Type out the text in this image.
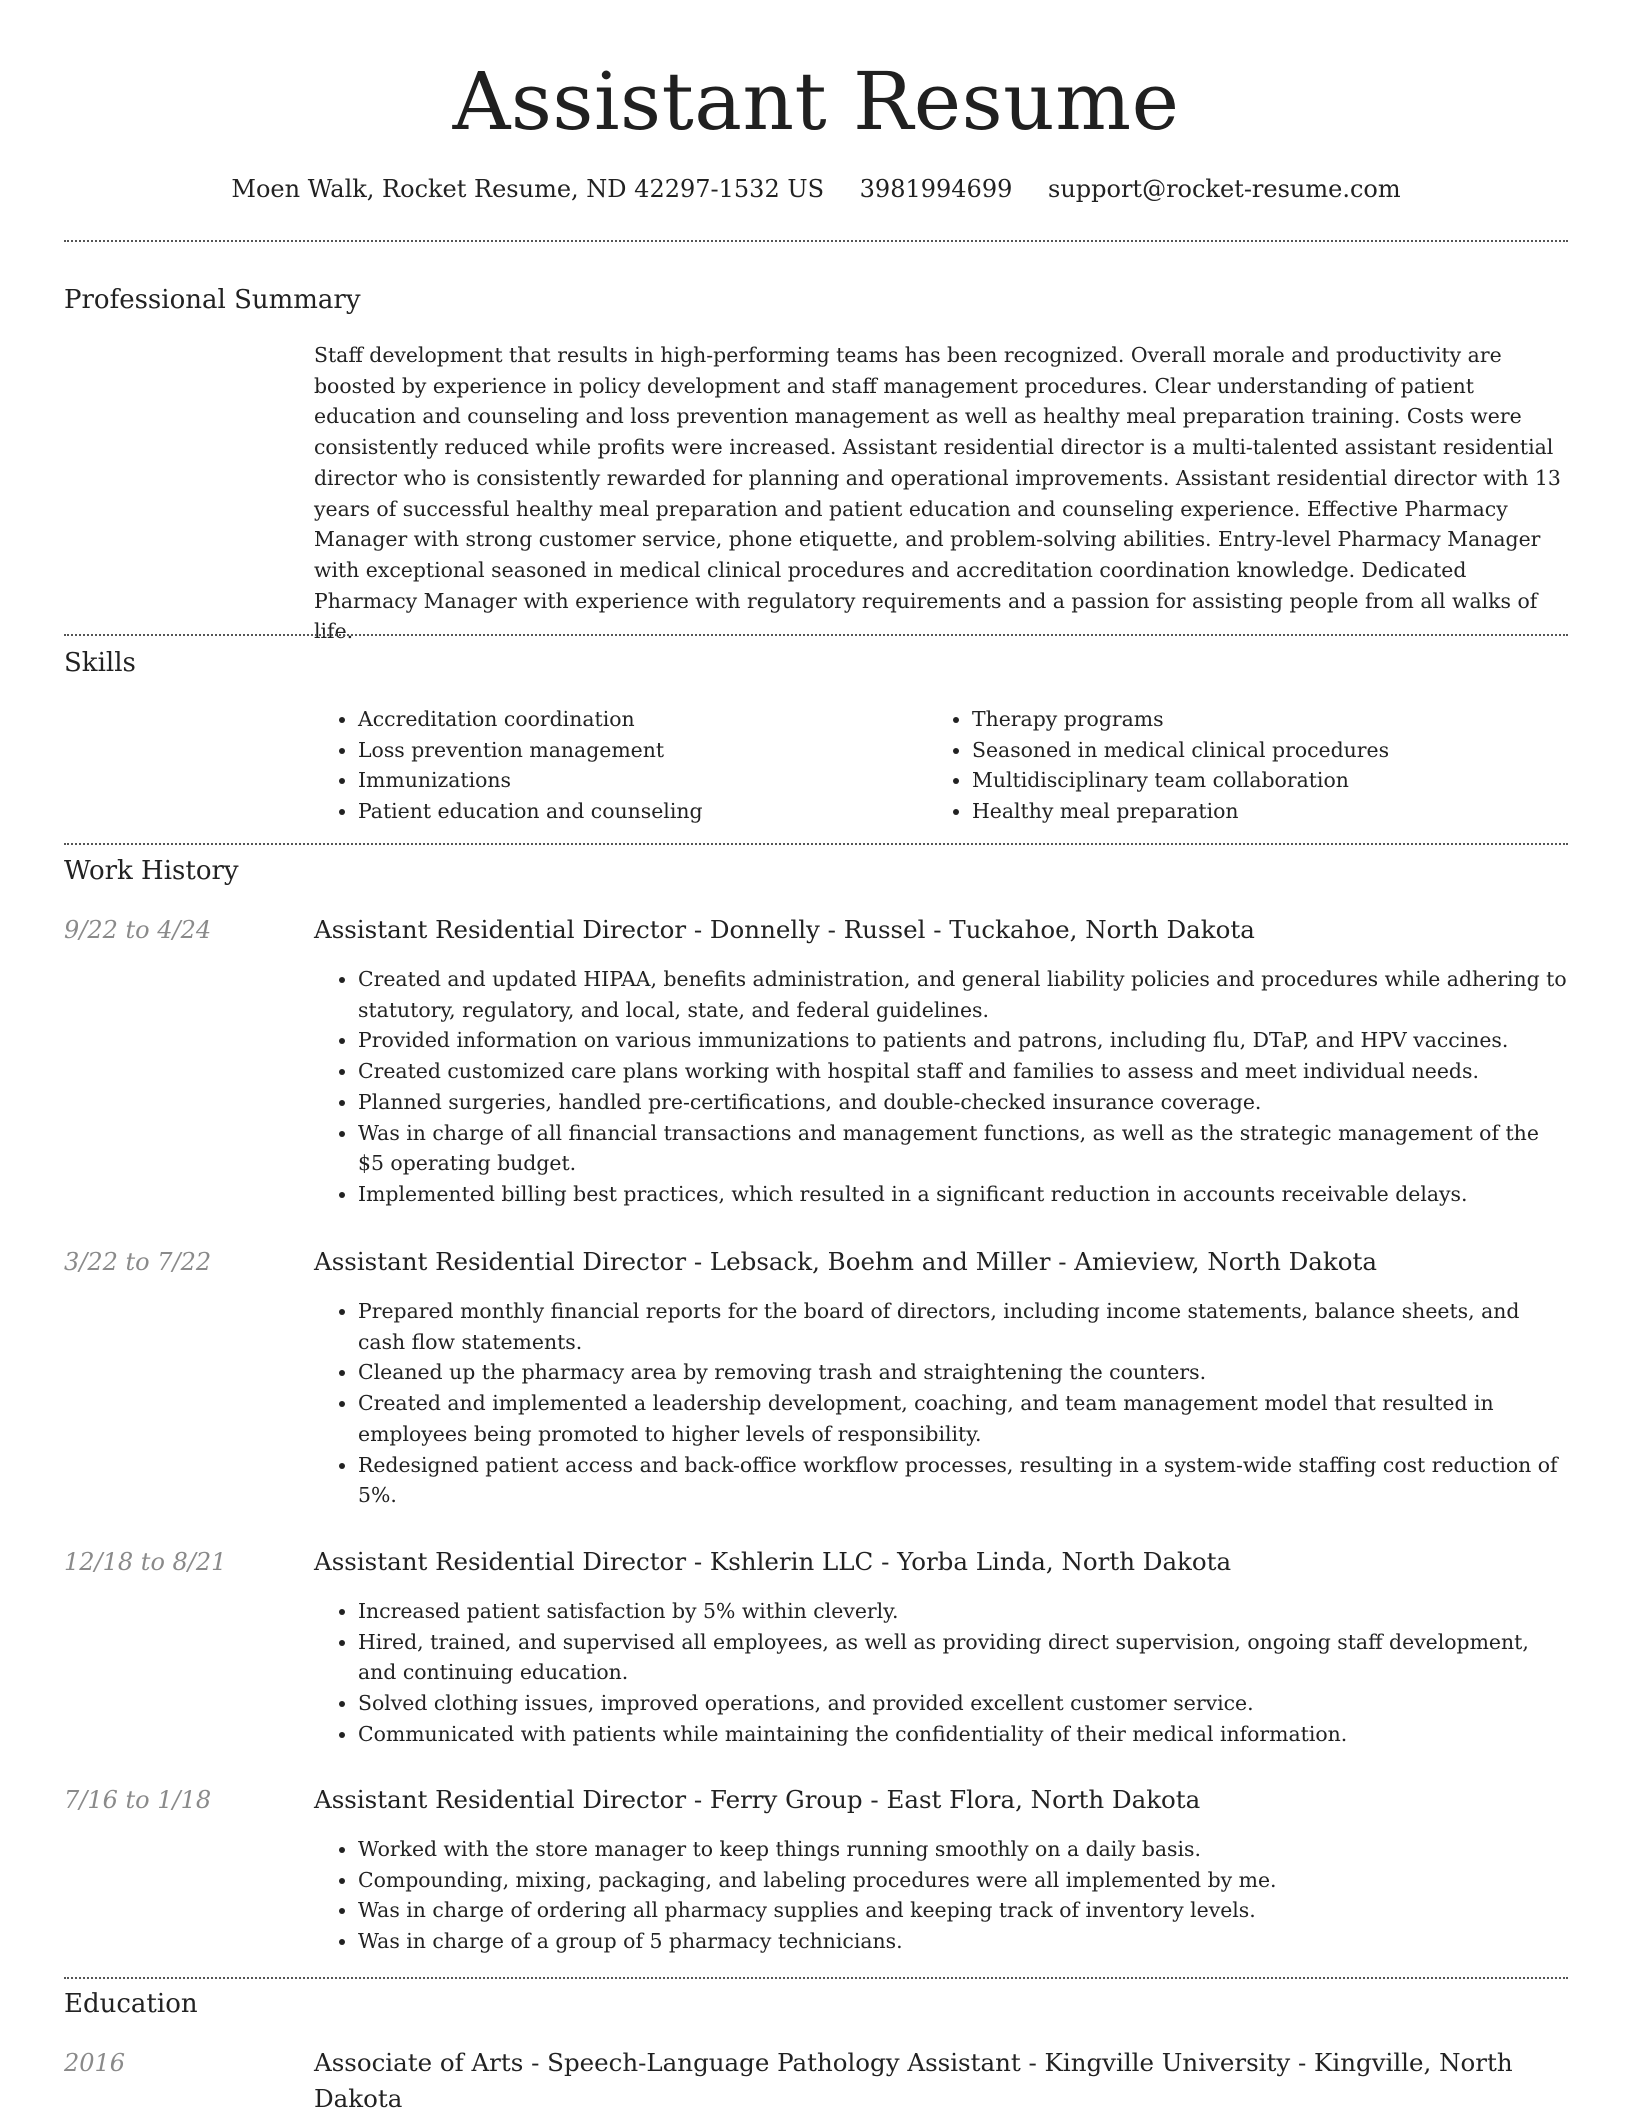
Assistant Resume
Moen Walk, Rocket Resume, ND 42297-1532 US 3981994699 support@rocket-resume.com
Professional Summary

Staff development that results in high-performing teams has been recognized. Overall morale and productivity are boosted by experience in policy development and staff management procedures. Clear understanding of patient education and counseling and loss prevention management as well as healthy meal preparation training. Costs were consistently reduced while profits were increased. Assistant residential director is a multi-talented assistant residential director who is consistently rewarded for planning and operational improvements. Assistant residential director with 13 years of successful healthy meal preparation and patient education and counseling experience. Effective Pharmacy Manager with strong customer service, phone etiquette, and problem-solving abilities. Entry-level Pharmacy Manager with exceptional seasoned in medical clinical procedures and accreditation coordination knowledge. Dedicated Pharmacy Manager with experience with regulatory requirements and a passion for assisting people from all walks of life.

Skills
• Accreditation coordination
• Loss prevention management
• Immunizations
• Patient education and counseling
• Therapy programs
• Seasoned in medical clinical procedures
• Multidisciplinary team collaboration
• Healthy meal preparation
Work History
9/22 to 4/24	Assistant Residential Director - Donnelly - Russel - Tuckahoe, North Dakota
• Created and updated HIPAA, benefits administration, and general liability policies and procedures while adhering to statutory, regulatory, and local, state, and federal guidelines.
• Provided information on various immunizations to patients and patrons, including flu, DTaP, and HPV vaccines.
• Created customized care plans working with hospital staff and families to assess and meet individual needs.
• Planned surgeries, handled pre-certifications, and double-checked insurance coverage.
• Was in charge of all financial transactions and management functions, as well as the strategic management of the $5 operating budget.
• Implemented billing best practices, which resulted in a significant reduction in accounts receivable delays.
3/22 to 7/22	Assistant Residential Director - Lebsack, Boehm and Miller - Amieview, North Dakota
• Prepared monthly financial reports for the board of directors, including income statements, balance sheets, and cash flow statements.
• Cleaned up the pharmacy area by removing trash and straightening the counters.
• Created and implemented a leadership development, coaching, and team management model that resulted in employees being promoted to higher levels of responsibility.
• Redesigned patient access and back-office workflow processes, resulting in a system-wide staffing cost reduction of 5%.
12/18 to 8/21	Assistant Residential Director - Kshlerin LLC - Yorba Linda, North Dakota
• Increased patient satisfaction by 5% within cleverly.
• Hired, trained, and supervised all employees, as well as providing direct supervision, ongoing staff development, and continuing education.
• Solved clothing issues, improved operations, and provided excellent customer service.
• Communicated with patients while maintaining the confidentiality of their medical information.
7/16 to 1/18	Assistant Residential Director - Ferry Group - East Flora, North Dakota
• Worked with the store manager to keep things running smoothly on a daily basis.
• Compounding, mixing, packaging, and labeling procedures were all implemented by me.
• Was in charge of ordering all pharmacy supplies and keeping track of inventory levels.
• Was in charge of a group of 5 pharmacy technicians.
Education
2016	Associate of Arts - Speech-Language Pathology Assistant - Kingville University - Kingville, North Dakota
